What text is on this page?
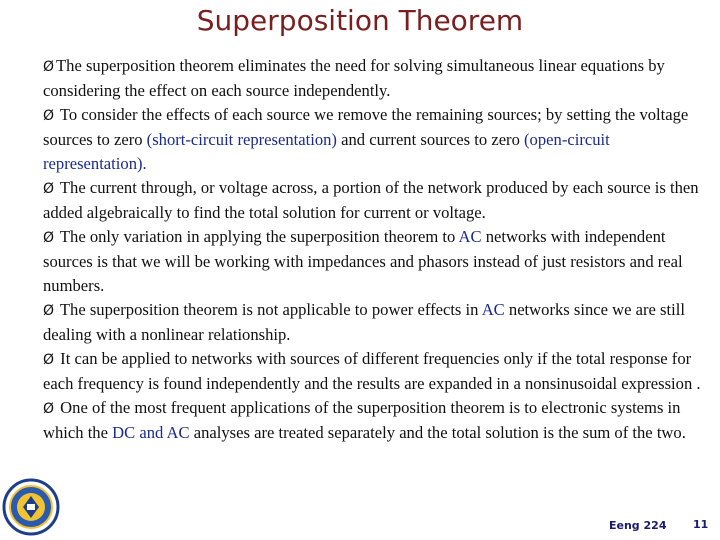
Superposition Theorem

Ø The superposition theorem eliminates the need for solving simultaneous linear equations by considering the effect on each source independently.

Ø To consider the effects of each source we remove the remaining sources; by setting the voltage sources to zero (short-circuit representation) and current sources to zero (open-circuit representation).

Ø The current through, or voltage across, a portion of the network produced by each source is then added algebraically to find the total solution for current or voltage.

Ø The only variation in applying the superposition theorem to AC networks with independent sources is that we will be working with impedances and phasors instead of just resistors and real numbers.

Ø The superposition theorem is not applicable to power effects in AC networks since we are still dealing with a nonlinear relationship.

Ø It can be applied to networks with sources of different frequencies only if the total response for each frequency is found independently and the results are expanded in a nonsinusoidal expression .

Ø One of the most frequent applications of the superposition theorem is to electronic systems in which the DC and AC analyses are treated separately and the total solution is the sum of the two.

Eeng 224 11
